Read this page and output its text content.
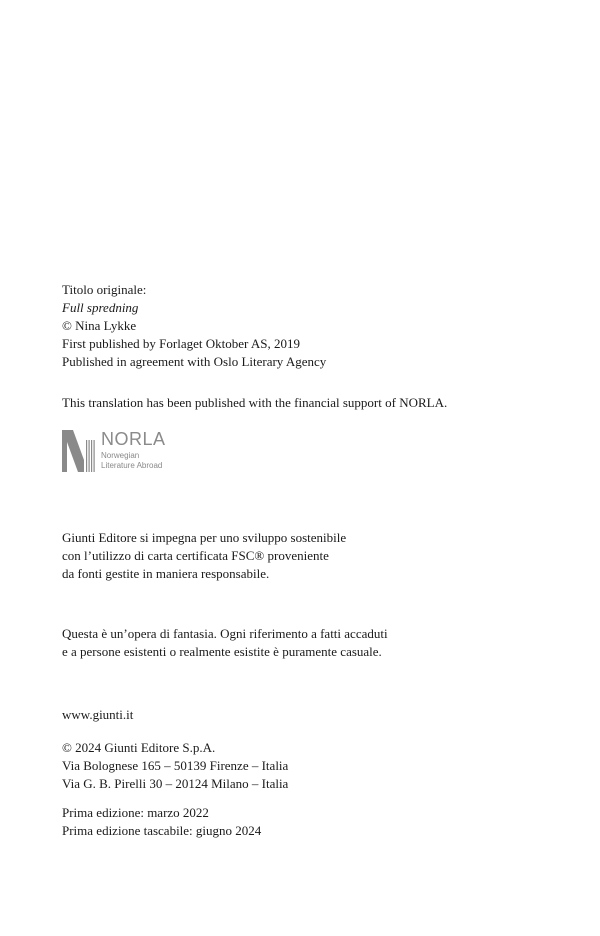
Titolo originale:
Full spredning
© Nina Lykke
First published by Forlaget Oktober AS, 2019
Published in agreement with Oslo Literary Agency
This translation has been published with the financial support of NORLA.
NORLA
Norwegian
Literature Abroad
Giunti Editore si impegna per uno sviluppo sostenibile
con l’utilizzo di carta certificata FSC® proveniente
da fonti gestite in maniera responsabile.
Questa è un’opera di fantasia. Ogni riferimento a fatti accaduti
e a persone esistenti o realmente esistite è puramente casuale.
www.giunti.it
© 2024 Giunti Editore S.p.A.
Via Bolognese 165 – 50139 Firenze – Italia
Via G. B. Pirelli 30 – 20124 Milano – Italia
Prima edizione: marzo 2022
Prima edizione tascabile: giugno 2024
